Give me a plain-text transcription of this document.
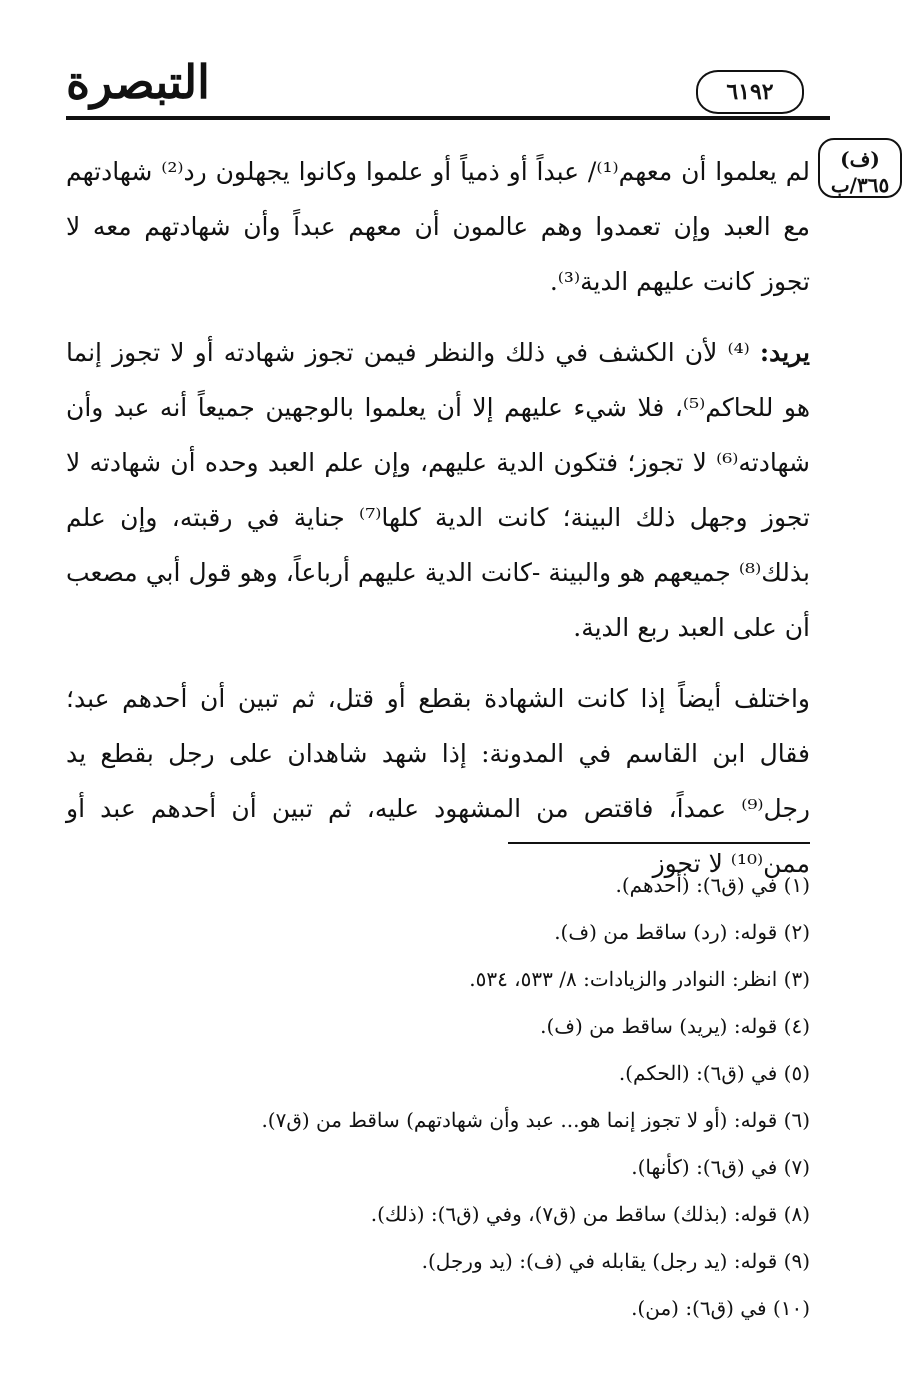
التبصرة	٦١٩٢
(ف)
٣٦٥/ب

لم يعلموا أن معهم⁽¹⁾/ عبداً أو ذمياً أو علموا وكانوا يجهلون رد⁽²⁾ شهادتهم مع العبد وإن تعمدوا وهم عالمون أن معهم عبداً وأن شهادتهم معه لا تجوز كانت عليهم الدية⁽³⁾.

يريد: ⁽⁴⁾ لأن الكشف في ذلك والنظر فيمن تجوز شهادته أو لا تجوز إنما هو للحاكم⁽⁵⁾، فلا شيء عليهم إلا أن يعلموا بالوجهين جميعاً أنه عبد وأن شهادته⁽⁶⁾ لا تجوز؛ فتكون الدية عليهم، وإن علم العبد وحده أن شهادته لا تجوز وجهل ذلك البينة؛ كانت الدية كلها⁽⁷⁾ جناية في رقبته، وإن علم بذلك⁽⁸⁾ جميعهم هو والبينة -كانت الدية عليهم أرباعاً، وهو قول أبي مصعب أن على العبد ربع الدية.

واختلف أيضاً إذا كانت الشهادة بقطع أو قتل، ثم تبين أن أحدهم عبد؛ فقال ابن القاسم في المدونة: إذا شهد شاهدان على رجل بقطع يد رجل⁽⁹⁾ عمداً، فاقتص من المشهود عليه، ثم تبين أن أحدهم عبد أو ممن⁽¹⁰⁾ لا تجوز

(١) في (ق٦): (أحدهم).
(٢) قوله: (رد) ساقط من (ف).
(٣) انظر: النوادر والزيادات: ٨/ ٥٣٣، ٥٣٤.
(٤) قوله: (يريد) ساقط من (ف).
(٥) في (ق٦): (الحكم).
(٦) قوله: (أو لا تجوز إنما هو... عبد وأن شهادتهم) ساقط من (ق٧).
(٧) في (ق٦): (كأنها).
(٨) قوله: (بذلك) ساقط من (ق٧)، وفي (ق٦): (ذلك).
(٩) قوله: (يد رجل) يقابله في (ف): (يد ورجل).
(١٠) في (ق٦): (من).
